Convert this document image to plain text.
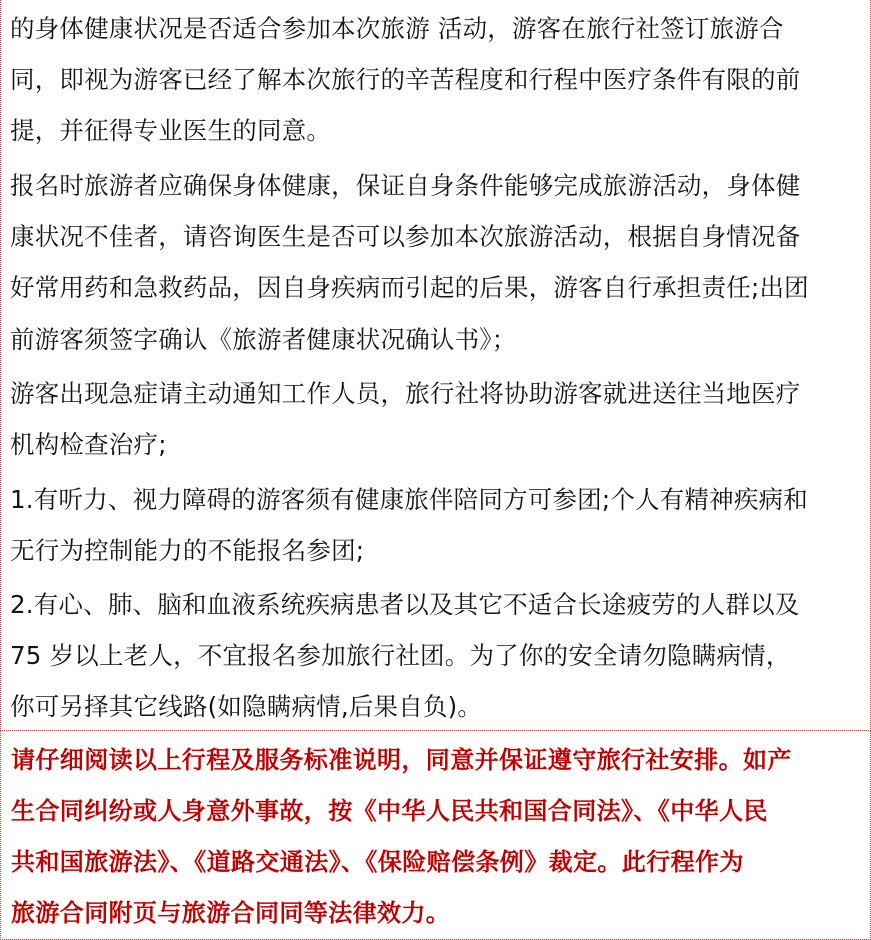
的身体健康状况是否适合参加本次旅游 活动，游客在旅行社签订旅游合
同，即视为游客已经了解本次旅行的辛苦程度和行程中医疗条件有限的前
提，并征得专业医生的同意。
报名时旅游者应确保身体健康，保证自身条件能够完成旅游活动，身体健
康状况不佳者，请咨询医生是否可以参加本次旅游活动，根据自身情况备
好常用药和急救药品，因自身疾病而引起的后果，游客自行承担责任;出团
前游客须签字确认《旅游者健康状况确认书》；
游客出现急症请主动通知工作人员，旅行社将协助游客就进送往当地医疗
机构检查治疗;
1.有听力、视力障碍的游客须有健康旅伴陪同方可参团;个人有精神疾病和
无行为控制能力的不能报名参团;
2.有心、肺、脑和血液系统疾病患者以及其它不适合长途疲劳的人群以及
75 岁以上老人，不宜报名参加旅行社团。为了你的安全请勿隐瞒病情，
你可另择其它线路(如隐瞒病情,后果自负)。
请仔细阅读以上行程及服务标准说明，同意并保证遵守旅行社安排。如产
生合同纠纷或人身意外事故，按《中华人民共和国合同法》、《中华人民
共和国旅游法》、《道路交通法》、《保险赔偿条例》裁定。此行程作为
旅游合同附页与旅游合同同等法律效力。
